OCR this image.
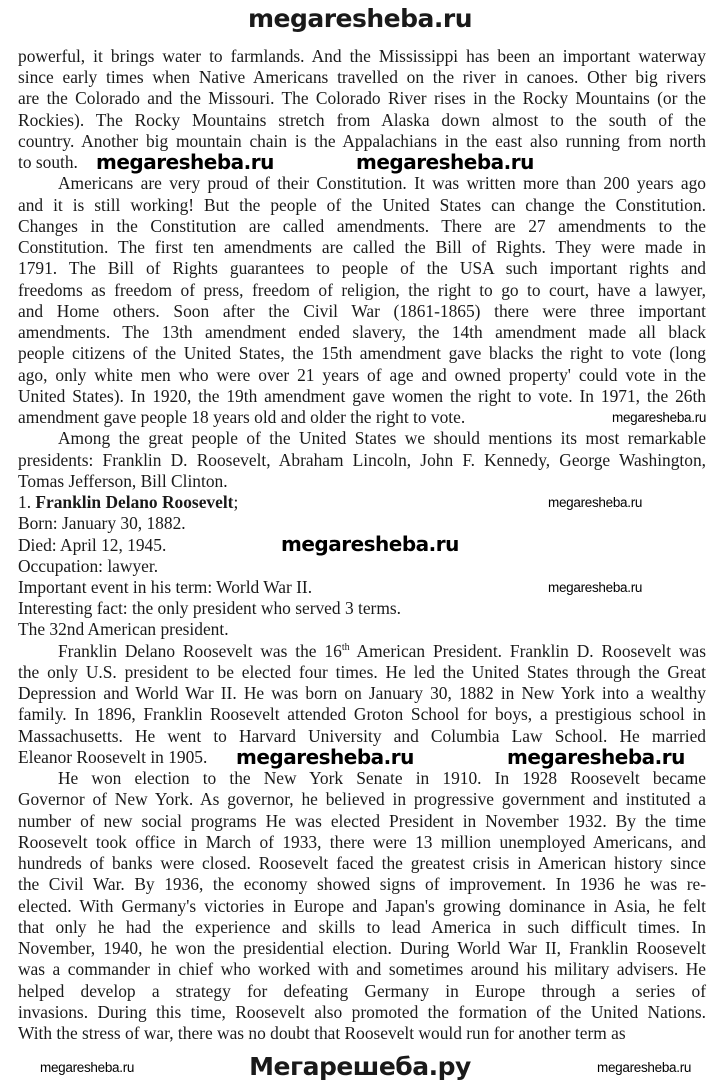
megaresheba.ru
powerful, it brings water to farmlands. And the Mississippi has been an important waterway
since early times when Native Americans travelled on the river in canoes. Other big rivers
are the Colorado and the Missouri. The Colorado River rises in the Rocky Mountains (or the
Rockies). The Rocky Mountains stretch from Alaska down almost to the south of the
country. Another big mountain chain is the Appalachians in the east also running from north
to south.
Americans are very proud of their Constitution. It was written more than 200 years ago
and it is still working! But the people of the United States can change the Constitution.
Changes in the Constitution are called amendments. There are 27 amendments to the
Constitution. The first ten amendments are called the Bill of Rights. They were made in
1791. The Bill of Rights guarantees to people of the USA such important rights and
freedoms as freedom of press, freedom of religion, the right to go to court, have a lawyer,
and Home others. Soon after the Civil War (1861-1865) there were three important
amendments. The 13th amendment ended slavery, the 14th amendment made all black
people citizens of the United States, the 15th amendment gave blacks the right to vote (long
ago, only white men who were over 21 years of age and owned property' could vote in the
United States). In 1920, the 19th amendment gave women the right to vote. In 1971, the 26th
amendment gave people 18 years old and older the right to vote.
Among the great people of the United States we should mentions its most remarkable
presidents: Franklin D. Roosevelt, Abraham Lincoln, John F. Kennedy, George Washington,
Tomas Jefferson, Bill Clinton.
1. Franklin Delano Roosevelt;
Born: January 30, 1882.
Died: April 12, 1945.
Occupation: lawyer.
Important event in his term: World War II.
Interesting fact: the only president who served 3 terms.
The 32nd American president.
Franklin Delano Roosevelt was the 16th American President. Franklin D. Roosevelt was
the only U.S. president to be elected four times. He led the United States through the Great
Depression and World War II. He was born on January 30, 1882 in New York into a wealthy
family. In 1896, Franklin Roosevelt attended Groton School for boys, a prestigious school in
Massachusetts. He went to Harvard University and Columbia Law School. He married
Eleanor Roosevelt in 1905.
He won election to the New York Senate in 1910. In 1928 Roosevelt became
Governor of New York. As governor, he believed in progressive government and instituted a
number of new social programs He was elected President in November 1932. By the time
Roosevelt took office in March of 1933, there were 13 million unemployed Americans, and
hundreds of banks were closed. Roosevelt faced the greatest crisis in American history since
the Civil War. By 1936, the economy showed signs of improvement. In 1936 he was re-
elected. With Germany's victories in Europe and Japan's growing dominance in Asia, he felt
that only he had the experience and skills to lead America in such difficult times. In
November, 1940, he won the presidential election. During World War II, Franklin Roosevelt
was a commander in chief who worked with and sometimes around his military advisers. He
helped develop a strategy for defeating Germany in Europe through a series of
invasions. During this time, Roosevelt also promoted the formation of the United Nations.
With the stress of war, there was no doubt that Roosevelt would run for another term as
megaresheba.ru	megaresheba.ru
megaresheba.ru
megaresheba.ru
megaresheba.ru
megaresheba.ru
megaresheba.ru	megaresheba.ru
megaresheba.ru	megaresheba.ru
Мегарешеба.ру
